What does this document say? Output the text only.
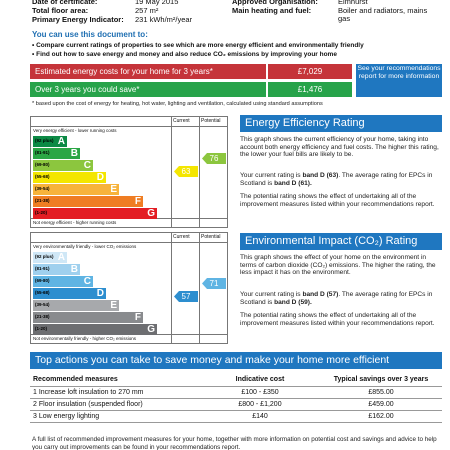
Date of certificate:	19 May 2015
Total floor area:	257 m²
Primary Energy Indicator: 231 kWh/m²/year
Approved Organisation:	Elmhurst
Main heating and fuel:	Boiler and radiators, mains gas
You can use this document to:
• Compare current ratings of properties to see which are more energy efficient and environmentally friendly
• Find out how to save energy and money and also reduce CO₂ emissions by improving your home
Estimated energy costs for your home for 3 years*	£7,029
Over 3 years you could save*	£1,476
See your recommendations report for more information
* based upon the cost of energy for heating, hot water, lighting and ventilation, calculated using standard assumptions
Current Potential
Very energy efficient - lower running costs
Not energy efficient - higher running costs
(92 plus) A
(81-91) B
(69-80)	C
(55-68)	D
(39-54)	E
(21-38)	F
(1-20)	G
63
76
Energy Efficiency Rating
This graph shows the current efficiency of your home, taking into account both energy efficiency and fuel costs. The higher this rating, the lower your fuel bills are likely to be.
Your current rating is band D (63). The average rating for EPCs in Scotland is band D (61).
The potential rating shows the effect of undertaking all of the improvement measures listed within your recommendations report.
Current Potential
Very environmentally friendly - lower CO₂ emissions
Not environmentally friendly - higher CO₂ emissions
(92 plus) A
(81-91) B
(69-80)	C
(55-68)	D
(39-54)	E
(21-38)	F
(1-20)	G
57
71
Environmental Impact (CO₂) Rating
This graph shows the effect of your home on the environment in terms of carbon dioxide (CO₂) emissions. The higher the rating, the less impact it has on the environment.
Your current rating is band D (57). The average rating for EPCs in Scotland is band D (59).
The potential rating shows the effect of undertaking all of the improvement measures listed within your recommendations report.
Top actions you can take to save money and make your home more efficient
Recommended measures	Indicative cost	Typical savings over 3 years
1 Increase loft insulation to 270 mm	£100 - £350	£855.00
2 Floor insulation (suspended floor)	£800 - £1,200	£459.00
3 Low energy lighting	£140	£162.00
A full list of recommended improvement measures for your home, together with more information on potential cost and savings and advice to help you carry out improvements can be found in your recommendations report.
